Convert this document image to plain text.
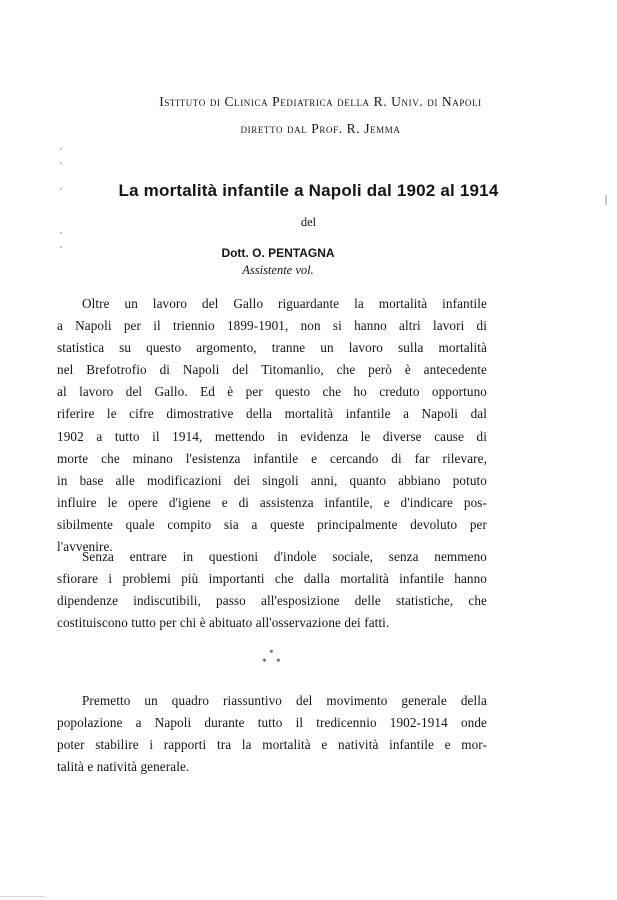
Istituto di Clinica Pediatrica della R. Univ. di Napoli
diretto dal Prof. R. Jemma
La mortalità infantile a Napoli dal 1902 al 1914
del
Dott. O. PENTAGNA
Assistente vol.
Oltre un lavoro del Gallo riguardante la mortalità infantile
a Napoli per il triennio 1899-1901, non si hanno altri lavori di
statistica su questo argomento, tranne un lavoro sulla mortalità
nel Brefotrofio di Napoli del Titomanlio, che però è antecedente
al lavoro del Gallo. Ed è per questo che ho creduto opportuno
riferire le cifre dimostrative della mortalità infantile a Napoli dal
1902 a tutto il 1914, mettendo in evidenza le diverse cause di
morte che minano l'esistenza infantile e cercando di far rilevare,
in base alle modificazioni dei singoli anni, quanto abbiano potuto
influire le opere d'igiene e di assistenza infantile, e d'indicare pos-
sibilmente quale compito sia a queste principalmente devoluto per
l'avvenire.
Senza entrare in questioni d'indole sociale, senza nemmeno
sfiorare i problemi più importanti che dalla mortalità infantile hanno
dipendenze indiscutibili, passo all'esposizione delle statistiche, che
costituiscono tutto per chi è abituato all'osservazione dei fatti.
*
* *
Premetto un quadro riassuntivo del movimento generale della
popolazione a Napoli durante tutto il tredicennio 1902-1914 onde
poter stabilire i rapporti tra la mortalità e natività infantile e mor-
talità e natività generale.
